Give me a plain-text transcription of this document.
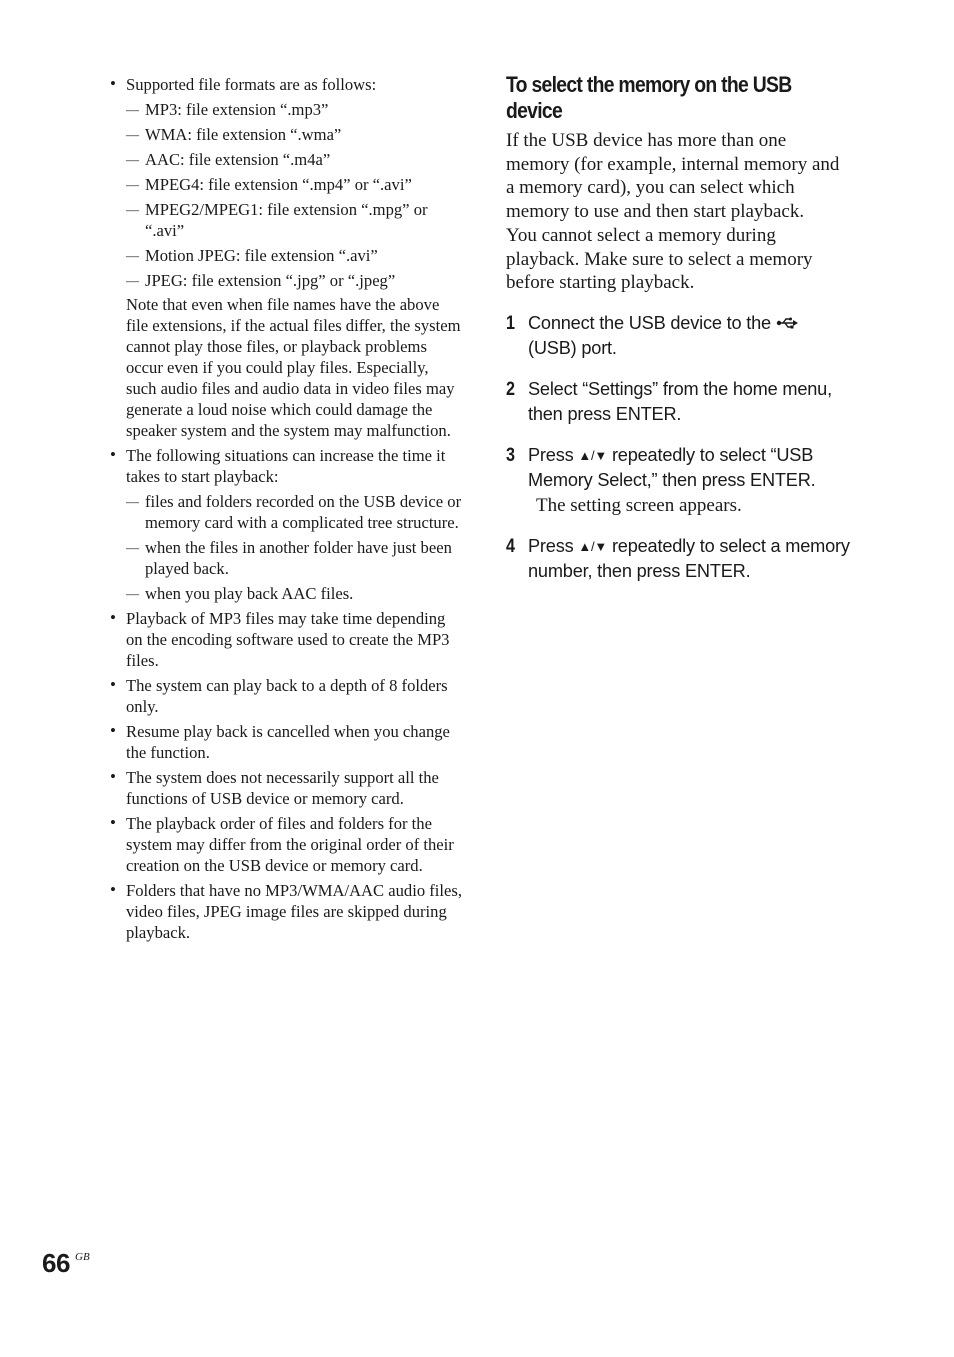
• Supported file formats are as follows:
— MP3: file extension “.mp3”
— WMA: file extension “.wma”
— AAC: file extension “.m4a”
— MPEG4: file extension “.mp4” or “.avi”
— MPEG2/MPEG1: file extension “.mpg” or “.avi”
— Motion JPEG: file extension “.avi”
— JPEG: file extension “.jpg” or “.jpeg”
Note that even when file names have the above file extensions, if the actual files differ, the system cannot play those files, or playback problems occur even if you could play files. Especially, such audio files and audio data in video files may generate a loud noise which could damage the speaker system and the system may malfunction.
• The following situations can increase the time it takes to start playback:
— files and folders recorded on the USB device or memory card with a complicated tree structure.
— when the files in another folder have just been played back.
— when you play back AAC files.
• Playback of MP3 files may take time depending on the encoding software used to create the MP3 files.
• The system can play back to a depth of 8 folders only.
• Resume play back is cancelled when you change the function.
• The system does not necessarily support all the functions of USB device or memory card.
• The playback order of files and folders for the system may differ from the original order of their creation on the USB device or memory card.
• Folders that have no MP3/WMA/AAC audio files, video files, JPEG image files are skipped during playback.
To select the memory on the USB device

If the USB device has more than one memory (for example, internal memory and a memory card), you can select which memory to use and then start playback.

You cannot select a memory during playback. Make sure to select a memory before starting playback.

1 Connect the USB device to the  (USB) port.
2 Select “Settings” from the home menu, then press ENTER.
3 Press ▲/▼ repeatedly to select “USB Memory Select,” then press ENTER.
The setting screen appears.
4 Press ▲/▼ repeatedly to select a memory number, then press ENTER.
66 GB
